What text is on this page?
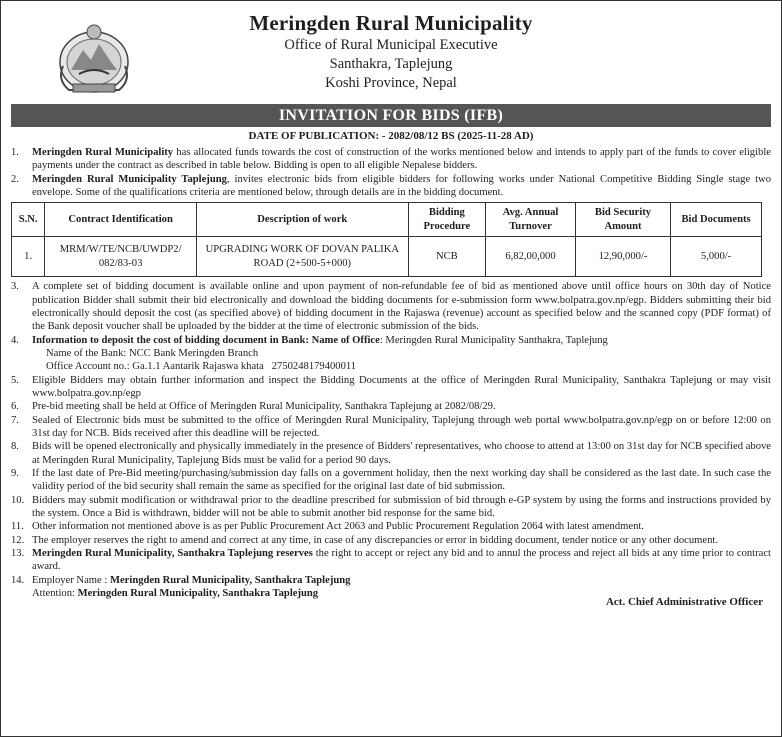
Meringden Rural Municipality
Office of Rural Municipal Executive
Santhakra, Taplejung
Koshi Province, Nepal
INVITATION FOR BIDS (IFB)
DATE OF PUBLICATION: - 2082/08/12 BS (2025-11-28 AD)
1.	Meringden Rural Municipality has allocated funds towards the cost of construction of the works mentioned below and intends to apply part of the funds to cover eligible payments under the contract as described in table below. Bidding is open to all eligible Nepalese bidders.
2.	Meringden Rural Municipality Taplejung, invites electronic bids from eligible bidders for following works under National Competitive Bidding Single stage two envelope. Some of the qualifications criteria are mentioned below, through details are in the bidding document.
S.N.	Contract Identification	Description of work	Bidding Procedure	Avg. Annual Turnover	Bid Security Amount	Bid Documents
1.	MRM/W/TE/NCB/UWDP2/ 082/83-03	UPGRADING WORK OF DOVAN PALIKA ROAD (2+500-5+000)	NCB	6,82,00,000	12,90,000/-	5,000/-
3.	A complete set of bidding document is available online and upon payment of non-refundable fee of bid as mentioned above until office hours on 30th day of Notice publication Bidder shall submit their bid electronically and download the bidding documents for e-submission form www.bolpatra.gov.np/egp. Bidders submitting their bid electronically should deposit the cost (as specified above) of bidding document in the Rajaswa (revenue) account as specified below and the scanned copy (PDF format) of the Bank deposit voucher shall be uploaded by the bidder at the time of electronic submission of the bids.
4.	Information to deposit the cost of bidding document in Bank: Name of Office: Meringden Rural Municipality Santhakra, Taplejung
Name of the Bank: NCC Bank Meringden Branch
Office Account no.: Ga.1.1 Aantarik Rajaswa khata   2750248179400011
5.	Eligible Bidders may obtain further information and inspect the Bidding Documents at the office of Meringden Rural Municipality, Santhakra Taplejung or may visit www.bolpatra.gov.np/egp
6.	Pre-bid meeting shall be held at Office of Meringden Rural Municipality, Santhakra Taplejung at 2082/08/29.
7.	Sealed of Electronic bids must be submitted to the office of Meringden Rural Municipality, Taplejung through web portal www.bolpatra.gov.np/egp on or before 12:00 on 31st day for NCB. Bids received after this deadline will be rejected.
8.	Bids will be opened electronically and physically immediately in the presence of Bidders' representatives, who choose to attend at 13:00 on 31st day for NCB specified above at Meringden Rural Municipality, Taplejung Bids must be valid for a period 90 days.
9.	If the last date of Pre-Bid meeting/purchasing/submission day falls on a government holiday, then the next working day shall be considered as the last date. In such case the validity period of the bid security shall remain the same as specified for the original last date of bid submission.
10. Bidders may submit modification or withdrawal prior to the deadline prescribed for submission of bid through e-GP system by using the forms and instructions provided by the system. Once a Bid is withdrawn, bidder will not be able to submit another bid response for the same bid.
11. Other information not mentioned above is as per Public Procurement Act 2063 and Public Procurement Regulation 2064 with latest amendment.
12. The employer reserves the right to amend and correct at any time, in case of any discrepancies or error in bidding document, tender notice or any other document.
13. Meringden Rural Municipality, Santhakra Taplejung reserves the right to accept or reject any bid and to annul the process and reject all bids at any time prior to contract award.
14. Employer Name : Meringden Rural Municipality, Santhakra Taplejung
Attention: Meringden Rural Municipality, Santhakra Taplejung
Act. Chief Administrative Officer
